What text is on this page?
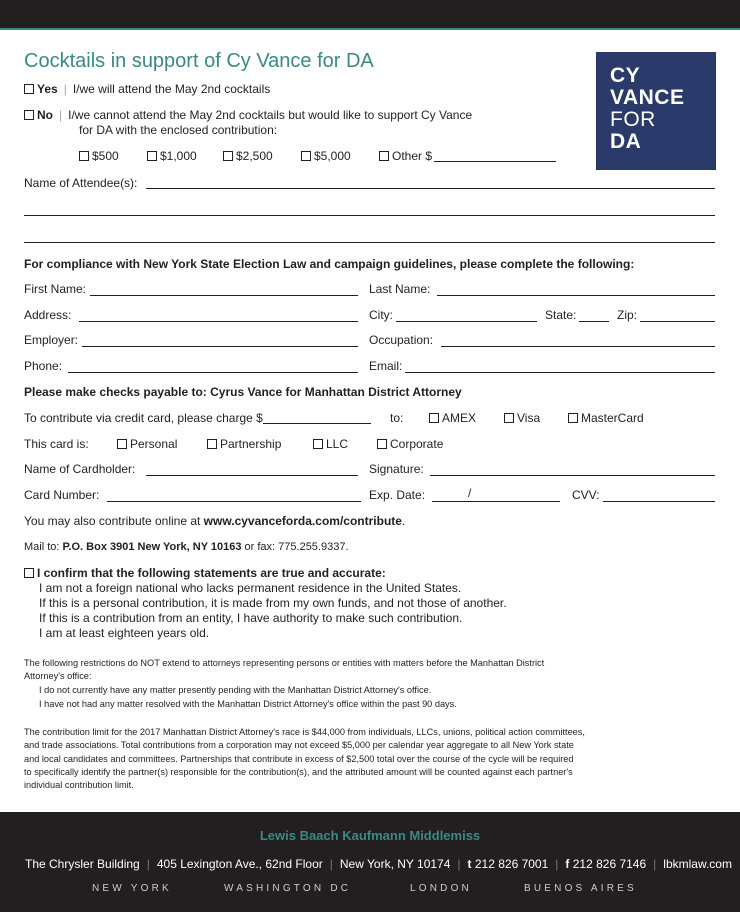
Cocktails in support of Cy Vance for DA
CY
VANCE
FOR
DA
Yes | I/we will attend the May 2nd cocktails
No | I/we cannot attend the May 2nd cocktails but would like to support Cy Vance
for DA with the enclosed contribution:
$500	$1,000	$2,500	$5,000	Other $
Name of Attendee(s):
For compliance with New York State Election Law and campaign guidelines, please complete the following:
First Name:	Last Name:
Address:	City:	State:	Zip:
Employer:	Occupation:
Phone:	Email:
Please make checks payable to: Cyrus Vance for Manhattan District Attorney
To contribute via credit card, please charge $	to:	AMEX	Visa	MasterCard
This card is:	Personal	Partnership	LLC	Corporate
Name of Cardholder:	Signature:
Card Number:	Exp. Date:	/	CVV:
You may also contribute online at www.cyvanceforda.com/contribute.
Mail to: P.O. Box 3901 New York, NY 10163 or fax: 775.255.9337.
I confirm that the following statements are true and accurate:
I am not a foreign national who lacks permanent residence in the United States.
If this is a personal contribution, it is made from my own funds, and not those of another.
If this is a contribution from an entity, I have authority to make such contribution.
I am at least eighteen years old.
The following restrictions do NOT extend to attorneys representing persons or entities with matters before the Manhattan District
Attorney's office:
I do not currently have any matter presently pending with the Manhattan District Attorney's office.
I have not had any matter resolved with the Manhattan District Attorney's office within the past 90 days.
The contribution limit for the 2017 Manhattan District Attorney's race is $44,000 from individuals, LLCs, unions, political action committees,
and trade associations. Total contributions from a corporation may not exceed $5,000 per calendar year aggregate to all New York state
and local candidates and committees. Partnerships that contribute in excess of $2,500 total over the course of the cycle will be required
to specifically identify the partner(s) responsible for the contribution(s), and the attributed amount will be counted against each partner's
individual contribution limit.
Lewis Baach Kaufmann Middlemiss
The Chrysler Building | 405 Lexington Ave., 62nd Floor | New York, NY 10174 | t 212 826 7001 | f 212 826 7146 | lbkmlaw.com
NEW YORK	WASHINGTON DC	LONDON	BUENOS AIRES
